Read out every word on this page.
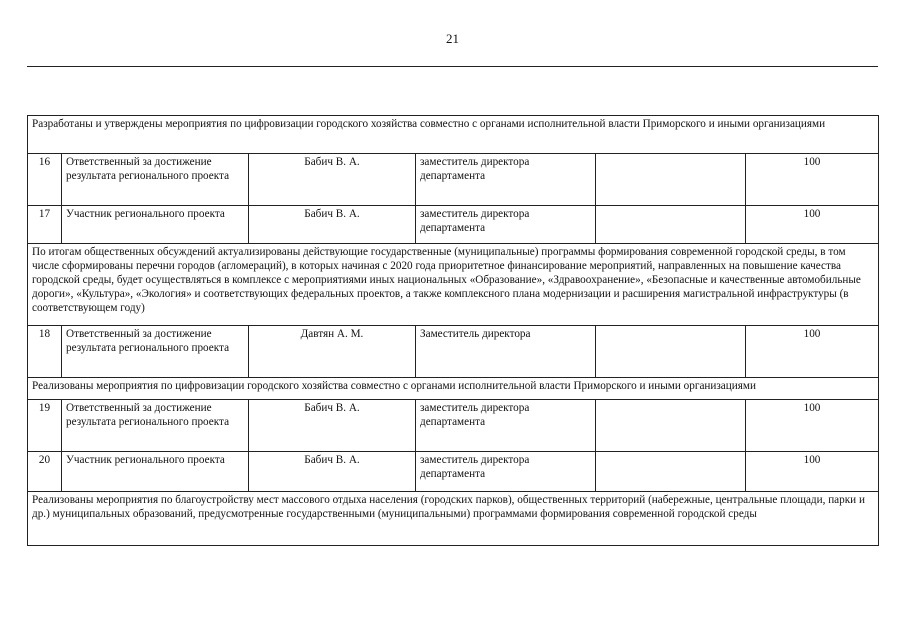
21
Разработаны и утверждены мероприятия по цифровизации городского хозяйства совместно с органами исполнительной власти Приморского и иными организациями					
16	Ответственный за достижение результата регионального проекта	Бабич В. А.	заместитель директора департамента		100
17	Участник регионального проекта	Бабич В. А.	заместитель директора департамента		100
По итогам общественных обсуждений актуализированы действующие государственные (муниципальные) программы формирования современной городской среды, в том числе сформированы перечни городов (агломераций), в которых начиная с 2020 года приоритетное финансирование мероприятий, направленных на повышение качества городской среды, будет осуществляться в комплексе с мероприятиями иных национальных «Образование», «Здравоохранение», «Безопасные и качественные автомобильные дороги», «Культура», «Экология» и соответствующих федеральных проектов, а также комплексного плана модернизации и расширения магистральной инфраструктуры (в соответствующем году)					
18	Ответственный за достижение результата регионального проекта	Давтян А. М.	Заместитель директора		100
Реализованы мероприятия по цифровизации городского хозяйства совместно с органами исполнительной власти Приморского и иными организациями					
19	Ответственный за достижение результата регионального проекта	Бабич В. А.	заместитель директора департамента		100
20	Участник регионального проекта	Бабич В. А.	заместитель директора департамента		100
Реализованы мероприятия по благоустройству мест массового отдыха населения (городских парков), общественных территорий (набережные, центральные площади, парки и др.) муниципальных образований, предусмотренные государственными (муниципальными) программами формирования современной городской среды					
